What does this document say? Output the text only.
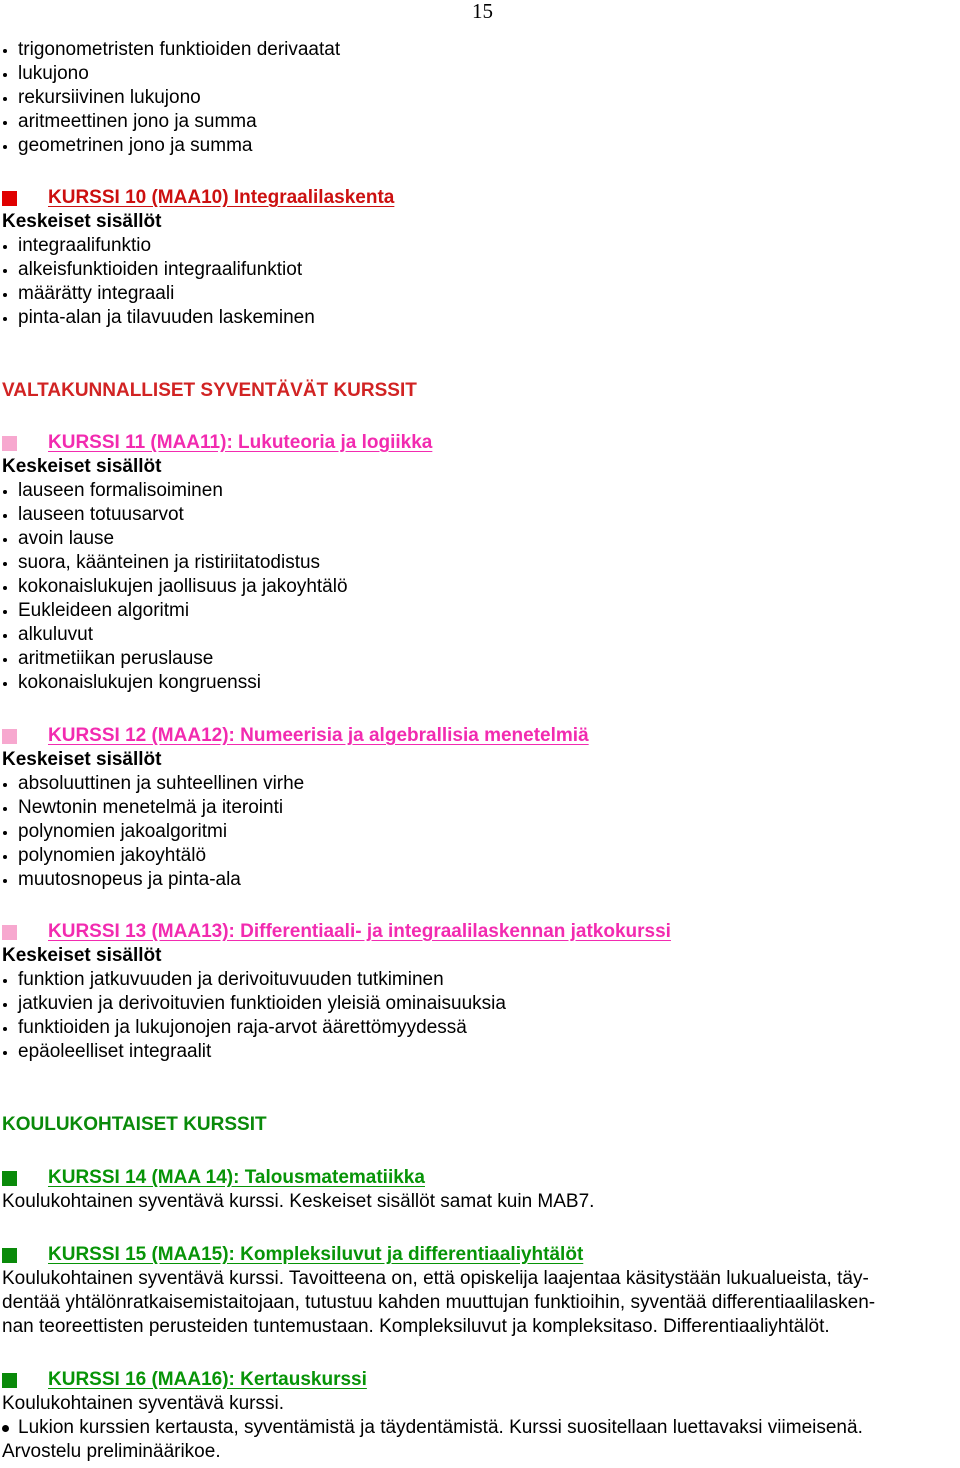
15
trigonometristen funktioiden derivaatat
lukujono
rekursiivinen lukujono
aritmeettinen jono ja summa
geometrinen jono ja summa
KURSSI 10 (MAA10) Integraalilaskenta
Keskeiset sisällöt
integraalifunktio
alkeisfunktioiden integraalifunktiot
määrätty integraali
pinta-alan ja tilavuuden laskeminen
VALTAKUNNALLISET SYVENTÄVÄT KURSSIT
KURSSI 11 (MAA11): Lukuteoria ja logiikka
Keskeiset sisällöt
lauseen formalisoiminen
lauseen totuusarvot
avoin lause
suora, käänteinen ja ristiriitatodistus
kokonaislukujen jaollisuus ja jakoyhtälö
Eukleideen algoritmi
alkuluvut
aritmetiikan peruslause
kokonaislukujen kongruenssi
KURSSI 12 (MAA12): Numeerisia ja algebrallisia menetelmiä
Keskeiset sisällöt
absoluuttinen ja suhteellinen virhe
Newtonin menetelmä ja iterointi
polynomien jakoalgoritmi
polynomien jakoyhtälö
muutosnopeus ja pinta-ala
KURSSI 13 (MAA13): Differentiaali- ja integraalilaskennan jatkokurssi
Keskeiset sisällöt
funktion jatkuvuuden ja derivoituvuuden tutkiminen
jatkuvien ja derivoituvien funktioiden yleisiä ominaisuuksia
funktioiden ja lukujonojen raja-arvot äärettömyydessä
epäoleelliset integraalit
KOULUKOHTAISET KURSSIT
KURSSI 14 (MAA 14): Talousmatematiikka
Koulukohtainen syventävä kurssi. Keskeiset sisällöt samat kuin MAB7.
KURSSI 15 (MAA15): Kompleksiluvut ja differentiaaliyhtälöt
Koulukohtainen syventävä kurssi. Tavoitteena on, että opiskelija laajentaa käsitystään lukualueista, täy-
dentää yhtälönratkaisemistaitojaan, tutustuu kahden muuttujan funktioihin, syventää differentiaalilasken-
nan teoreettisten perusteiden tuntemustaan. Kompleksiluvut ja kompleksitaso. Differentiaaliyhtälöt.
KURSSI 16 (MAA16): Kertauskurssi
Koulukohtainen syventävä kurssi.
Lukion kurssien kertausta, syventämistä ja täydentämistä. Kurssi suositellaan luettavaksi viimeisenä.
Arvostelu preliminäärikoe.
